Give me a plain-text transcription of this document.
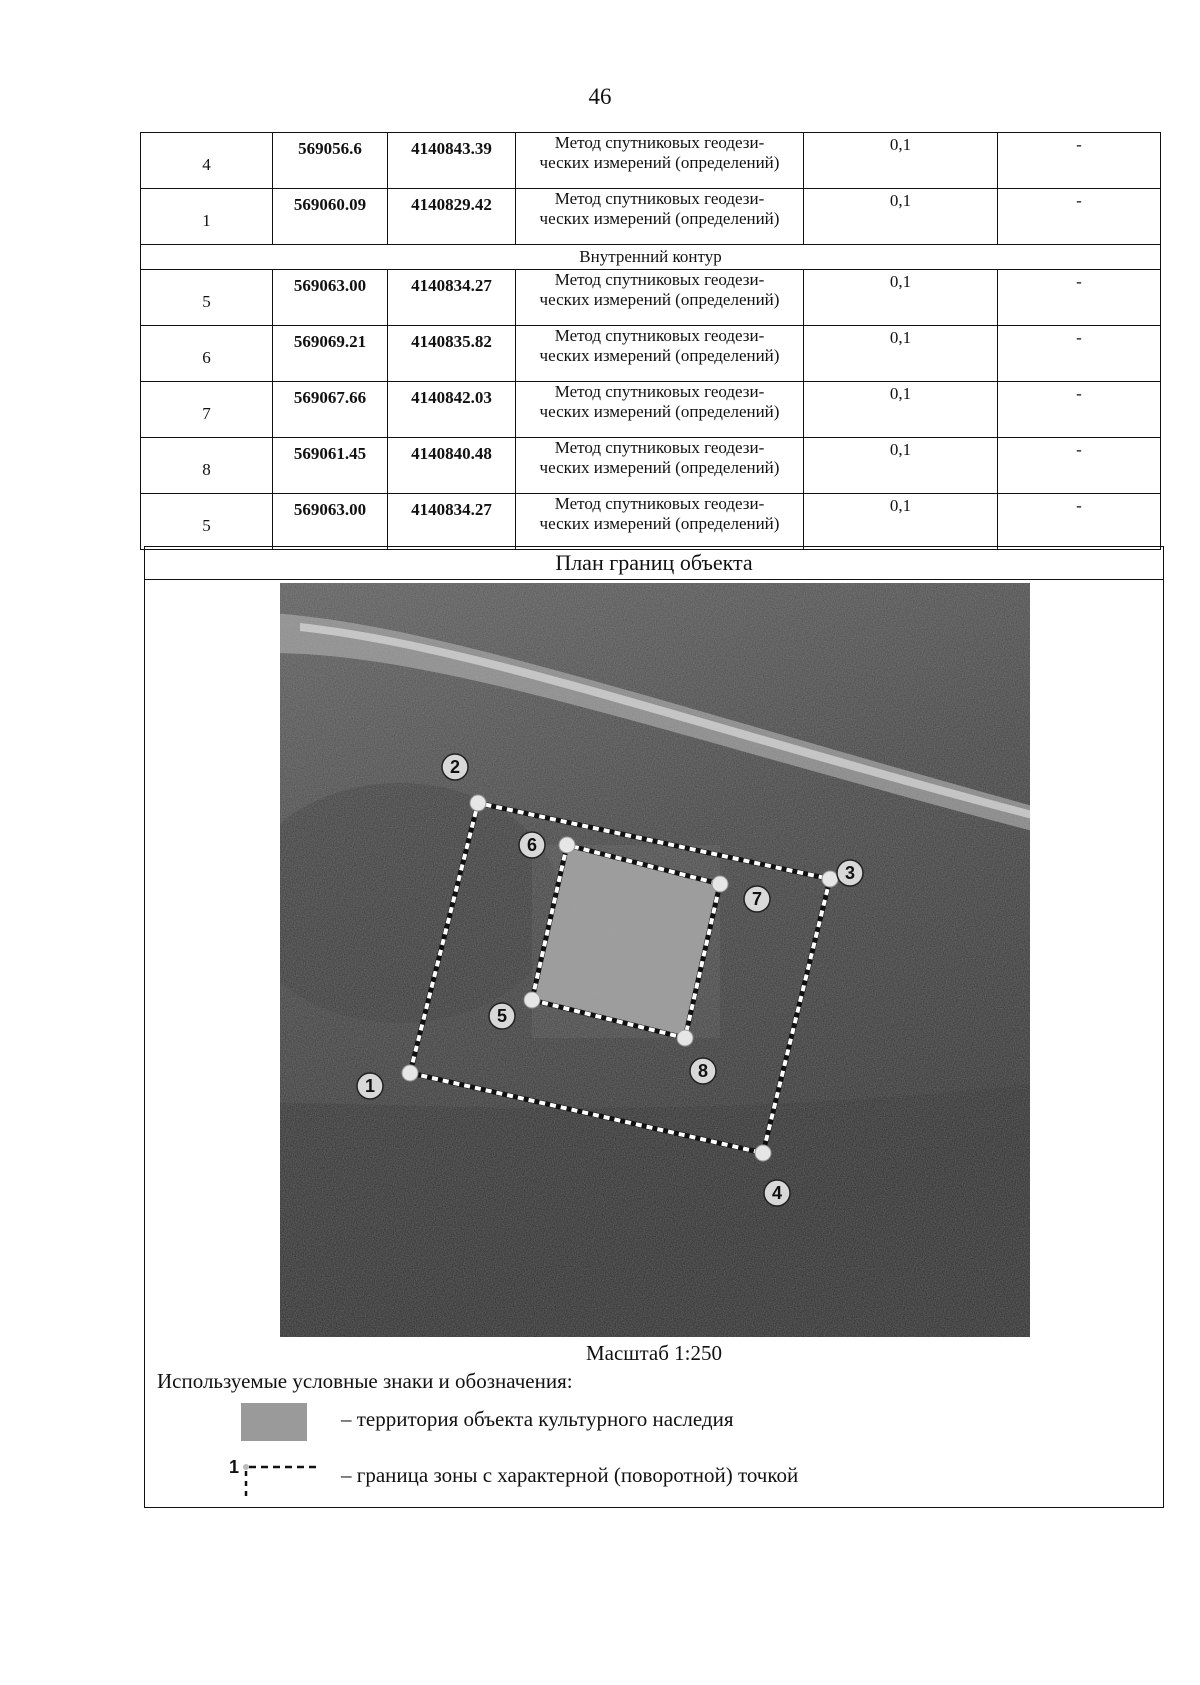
46
4	569056.6	4140843.39	Метод спутниковых геодези-
ческих измерений (определений)	0,1	-
1	569060.09	4140829.42	Метод спутниковых геодези-
ческих измерений (определений)	0,1	-
Внутренний контур					
5	569063.00	4140834.27	Метод спутниковых геодези-
ческих измерений (определений)	0,1	-
6	569069.21	4140835.82	Метод спутниковых геодези-
ческих измерений (определений)	0,1	-
7	569067.66	4140842.03	Метод спутниковых геодези-
ческих измерений (определений)	0,1	-
8	569061.45	4140840.48	Метод спутниковых геодези-
ческих измерений (определений)	0,1	-
5	569063.00	4140834.27	Метод спутниковых геодези-
ческих измерений (определений)	0,1	-
План границ объекта
1
2
3
4
5
6
7
8
Масштаб 1:250
Используемые условные знаки и обозначения:
– территория объекта культурного наследия
1	– граница зоны с характерной (поворотной) точкой
